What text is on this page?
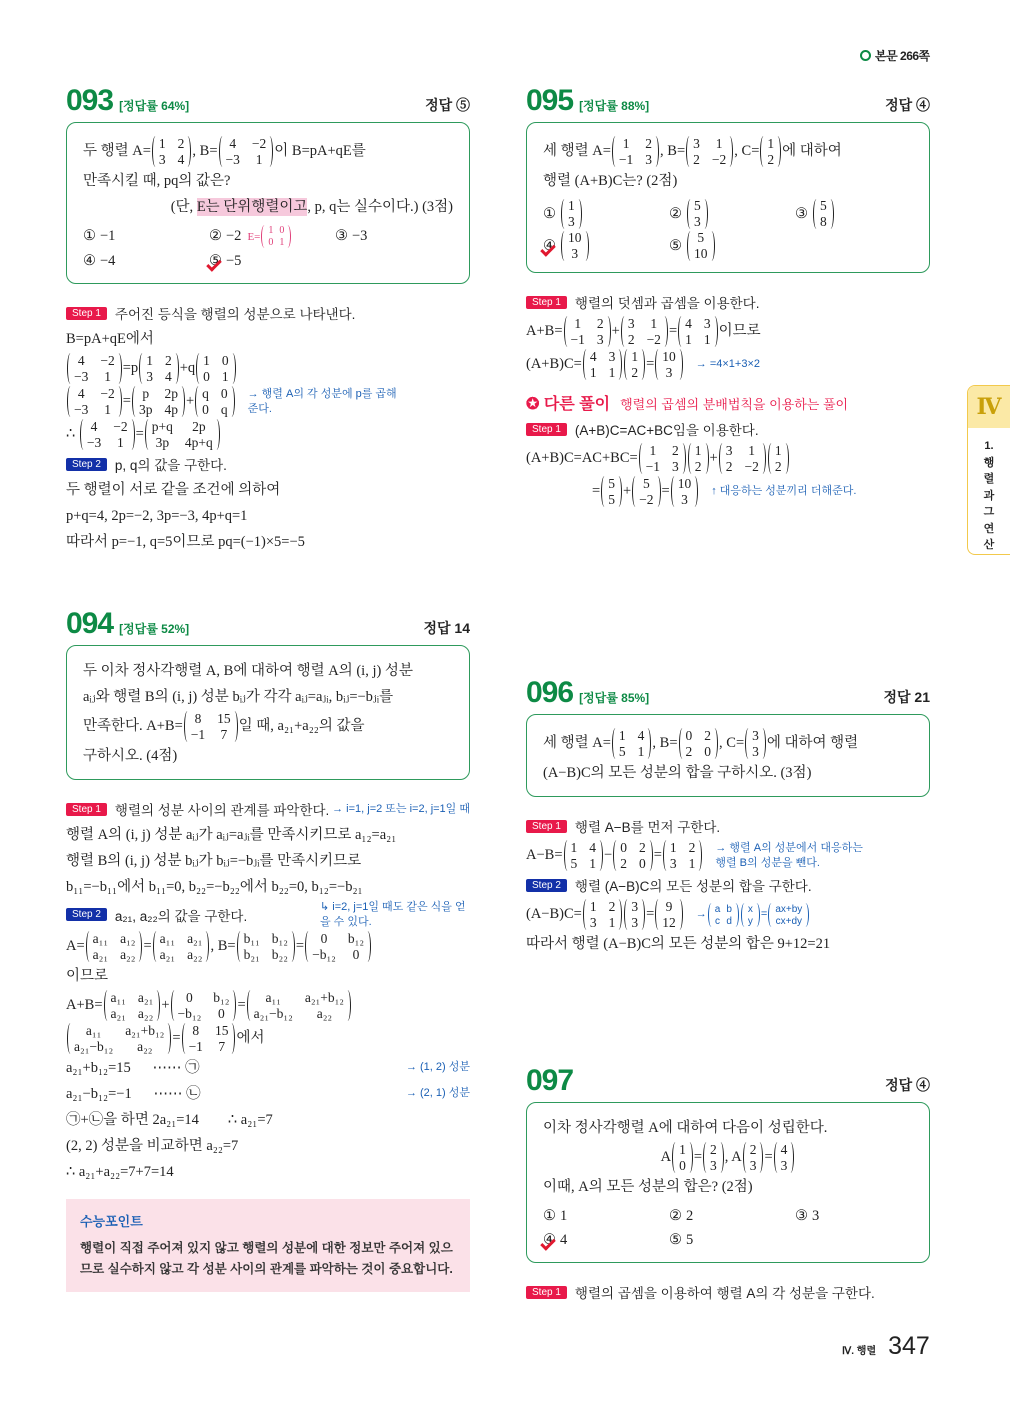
본문 266쪽
Ⅳ
1.행렬과그연산
093 [정답률 64%]	정답 ⑤
두 행렬 A= 1 2
3 4
, B= 4 −2
−3 1
이 B=pA+qE를
만족시킬 때, pq의 값은?
(단, E는 단위행렬이고 , p, q는 실수이다.) (3점)
① −1	② −2 E= 1 0
0 1	③ −3
④ −4	⑤ −5
Step 1	주어진 등식을 행렬의 성분으로 나타낸다.
B=pA+qE에서
4 −2
−3 1
=p 1 2
3 4
+q 1 0
0 1
4 −2
−3 1
= p 2p
3p 4p
+ q 0
0 q
→ 행렬 A의 각 성분에 p를 곱해준다.
∴ 4 −2
−3 1
= p+q	2p
3p 4p+q
Step 2	p, q의 값을 구한다.
두 행렬이 서로 같을 조건에 의하여
p+q=4, 2p=−2, 3p=−3, 4p+q=1
따라서 p=−1, q=5이므로 pq=(−1)×5=−5
094 [정답률 52%]	정답 14
두 이차 정사각행렬 A, B에 대하여 행렬 A의 (i, j) 성분
aᵢⱼ와 행렬 B의 (i, j) 성분 bᵢⱼ가 각각 aᵢⱼ=aⱼᵢ, bᵢⱼ=−bⱼᵢ를
만족한다. A+B= 8 15
−1 7
일 때, a₂₁+a₂₂의 값을
구하시오. (4점)
Step 1	행렬의 성분 사이의 관계를 파악한다. → i=1, j=2 또는 i=2, j=1일 때
행렬 A의 (i, j) 성분 aᵢⱼ가 aᵢⱼ=aⱼᵢ를 만족시키므로 a₁₂=a₂₁
행렬 B의 (i, j) 성분 bᵢⱼ가 bᵢⱼ=−bⱼᵢ를 만족시키므로
b₁₁=−b₁₁에서 b₁₁=0, b₂₂=−b₂₂에서 b₂₂=0, b₁₂=−b₂₁
Step 2	a₂₁, a₂₂의 값을 구한다.
↳ i=2, j=1일 때도 같은 식을 얻을 수 있다.
A= a₁₁ a₁₂
a₂₁ a₂₂
= a₁₁ a₂₁
a₂₁ a₂₂
, B= b₁₁ b₁₂
b₂₁ b₂₂
=	0	b₁₂
−b₁₂	0
이므로
A+B= a₁₁ a₂₁
a₂₁ a₂₂
+	0	b₁₂
−b₁₂	0
=	a₁₁	a₂₁+b₁₂
a₂₁−b₁₂	a₂₂
a₁₁	a₂₁+b₁₂
a₂₁−b₁₂	a₂₂
= 8 15
−1 7
에서
a₂₁+b₁₂=15      ⋯⋯ ㉠	→ (1, 2) 성분
a₂₁−b₁₂=−1      ⋯⋯ ㉡	→ (2, 1) 성분
㉠+㉡을 하면 2a₂₁=14        ∴ a₂₁=7
(2, 2) 성분을 비교하면 a₂₂=7
∴ a₂₁+a₂₂=7+7=14
수능포인트
행렬이 직접 주어져 있지 않고 행렬의 성분에 대한 정보만 주어져 있으므로 실수하지 않고 각 성분 사이의 관계를 파악하는 것이 중요합니다.
095 [정답률 88%]	정답 ④
세 행렬 A= 1 2
−1 3
, B= 3 1
2 −2
, C= 1
2
에 대하여
행렬 (A+B)C는? (2점)
① 1
3	② 5
3	③ 5
8
④ 10
3	⑤ 5
10
Step 1	행렬의 덧셈과 곱셈을 이용한다.
A+B= 1 2
−1 3
+ 3 1
2 −2
= 4 3
1 1
이므로
(A+B)C= 4 3
1 1
1
2
= 10
3
→ =4×1+3×2
✪ 다른 풀이 행렬의 곱셈의 분배법칙을 이용하는 풀이
Step 1	(A+B)C=AC+BC임을 이용한다.
(A+B)C=AC+BC= 1 2
−1 3
1
2
+ 3 1
2 −2
1
2
= 5
5
+ 5
−2
= 10
3
↑ 대응하는 성분끼리 더해준다.
096 [정답률 85%]	정답 21
세 행렬 A= 1 4
5 1
, B= 0 2
2 0
, C= 3
3
에 대하여 행렬
(A−B)C의 모든 성분의 합을 구하시오. (3점)
Step 1	행렬 A−B를 먼저 구한다.
A−B= 1 4
5 1
− 0 2
2 0
= 1 2
3 1
→ 행렬 A의 성분에서 대응하는 행렬 B의 성분을 뺀다.
Step 2	행렬 (A−B)C의 모든 성분의 합을 구한다.
(A−B)C= 1 2
3 1
3
3
= 9
12
→ a b
c d
x
y
= ax+by
cx+dy
따라서 행렬 (A−B)C의 모든 성분의 합은 9+12=21
097	정답 ④
이차 정사각행렬 A에 대하여 다음이 성립한다.
A 1
0
= 2
3
, A 2
3
= 4
3
이때, A의 모든 성분의 합은? (2점)
① 1	② 2	③ 3
④ 4	⑤ 5
Step 1	행렬의 곱셈을 이용하여 행렬 A의 각 성분을 구한다.
Ⅳ. 행렬 347
